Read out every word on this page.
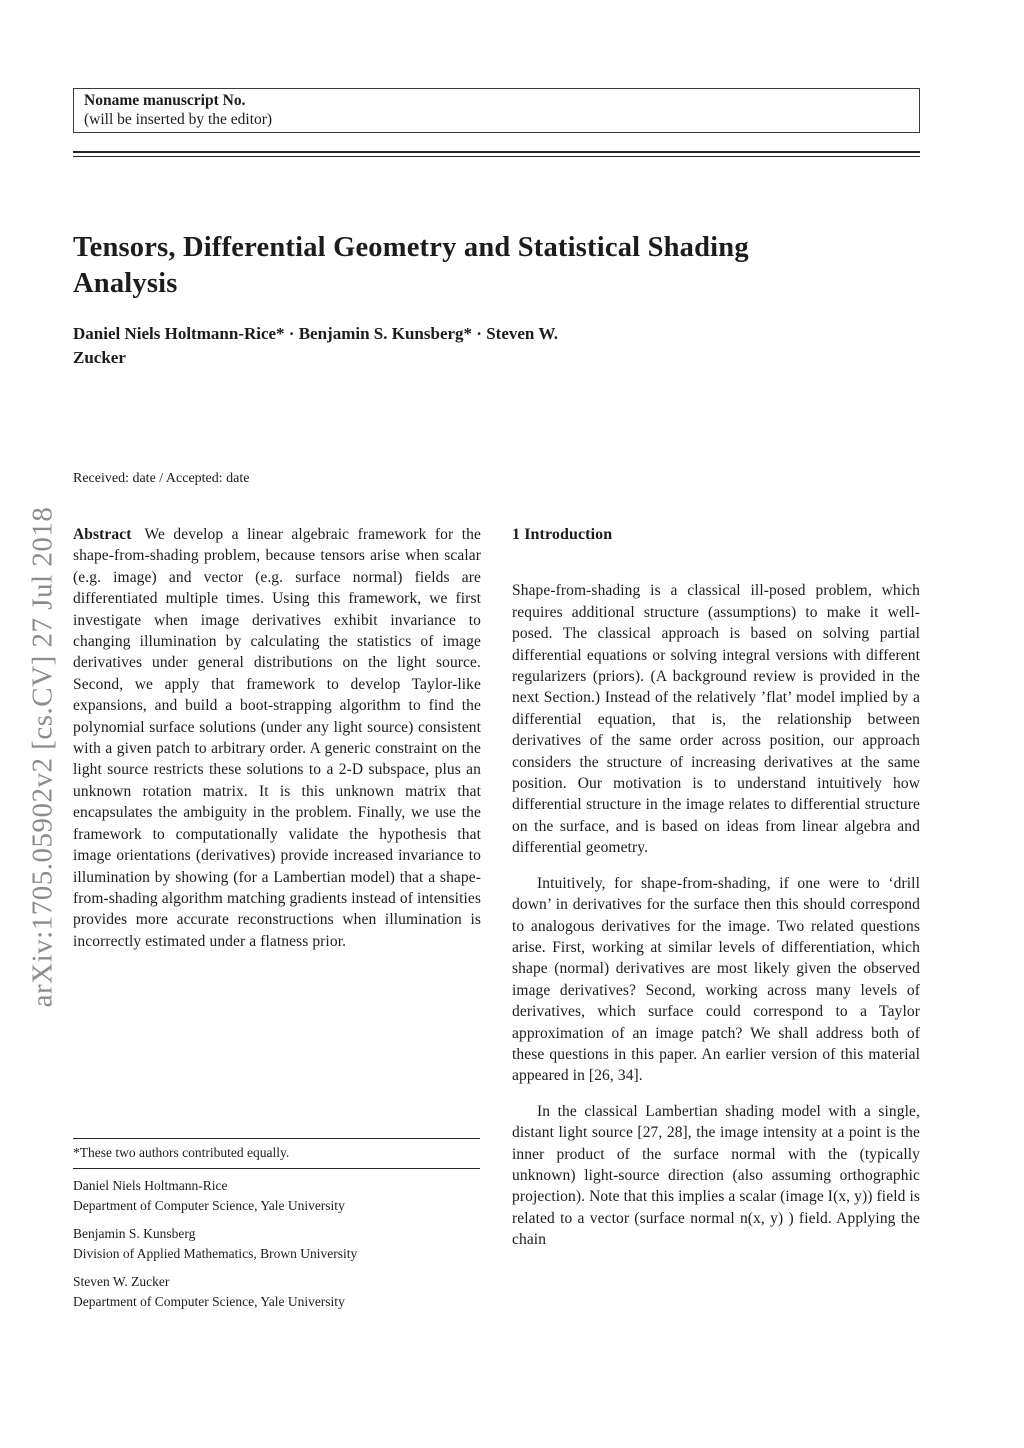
arXiv:1705.05902v2 [cs.CV] 27 Jul 2018
Noname manuscript No.
(will be inserted by the editor)
Tensors, Differential Geometry and Statistical Shading
Analysis
Daniel Niels Holtmann-Rice* · Benjamin S. Kunsberg* · Steven W.
Zucker
Received: date / Accepted: date

Abstract We develop a linear algebraic framework for the shape-from-shading problem, because tensors arise when scalar (e.g. image) and vector (e.g. surface normal) fields are differentiated multiple times. Using this framework, we first investigate when image derivatives exhibit invariance to changing illumination by calculating the statistics of image derivatives under general distributions on the light source. Second, we apply that framework to develop Taylor-like expansions, and build a boot-strapping algorithm to find the polynomial surface solutions (under any light source) consistent with a given patch to arbitrary order. A generic constraint on the light source restricts these solutions to a 2-D subspace, plus an unknown rotation matrix. It is this unknown matrix that encapsulates the ambiguity in the problem. Finally, we use the framework to computationally validate the hypothesis that image orientations (derivatives) provide increased invariance to illumination by showing (for a Lambertian model) that a shape-from-shading algorithm matching gradients instead of intensities provides more accurate reconstructions when illumination is incorrectly estimated under a flatness prior.

1 Introduction

Shape-from-shading is a classical ill-posed problem, which requires additional structure (assumptions) to make it well-posed. The classical approach is based on solving partial differential equations or solving integral versions with different regularizers (priors). (A background review is provided in the next Section.) Instead of the relatively ’flat’ model implied by a differential equation, that is, the relationship between derivatives of the same order across position, our approach considers the structure of increasing derivatives at the same position. Our motivation is to understand intuitively how differential structure in the image relates to differential structure on the surface, and is based on ideas from linear algebra and differential geometry.

Intuitively, for shape-from-shading, if one were to ‘drill down’ in derivatives for the surface then this should correspond to analogous derivatives for the image. Two related questions arise. First, working at similar levels of differentiation, which shape (normal) derivatives are most likely given the observed image derivatives? Second, working across many levels of derivatives, which surface could correspond to a Taylor approximation of an image patch? We shall address both of these questions in this paper. An earlier version of this material appeared in [26, 34].

In the classical Lambertian shading model with a single, distant light source [27, 28], the image intensity at a point is the inner product of the surface normal with the (typically unknown) light-source direction (also assuming orthographic projection). Note that this implies a scalar (image I(x, y)) field is related to a vector (surface normal n(x, y) ) field. Applying the chain

*These two authors contributed equally.
Daniel Niels Holtmann-Rice
Department of Computer Science, Yale University
Benjamin S. Kunsberg
Division of Applied Mathematics, Brown University
Steven W. Zucker
Department of Computer Science, Yale University
